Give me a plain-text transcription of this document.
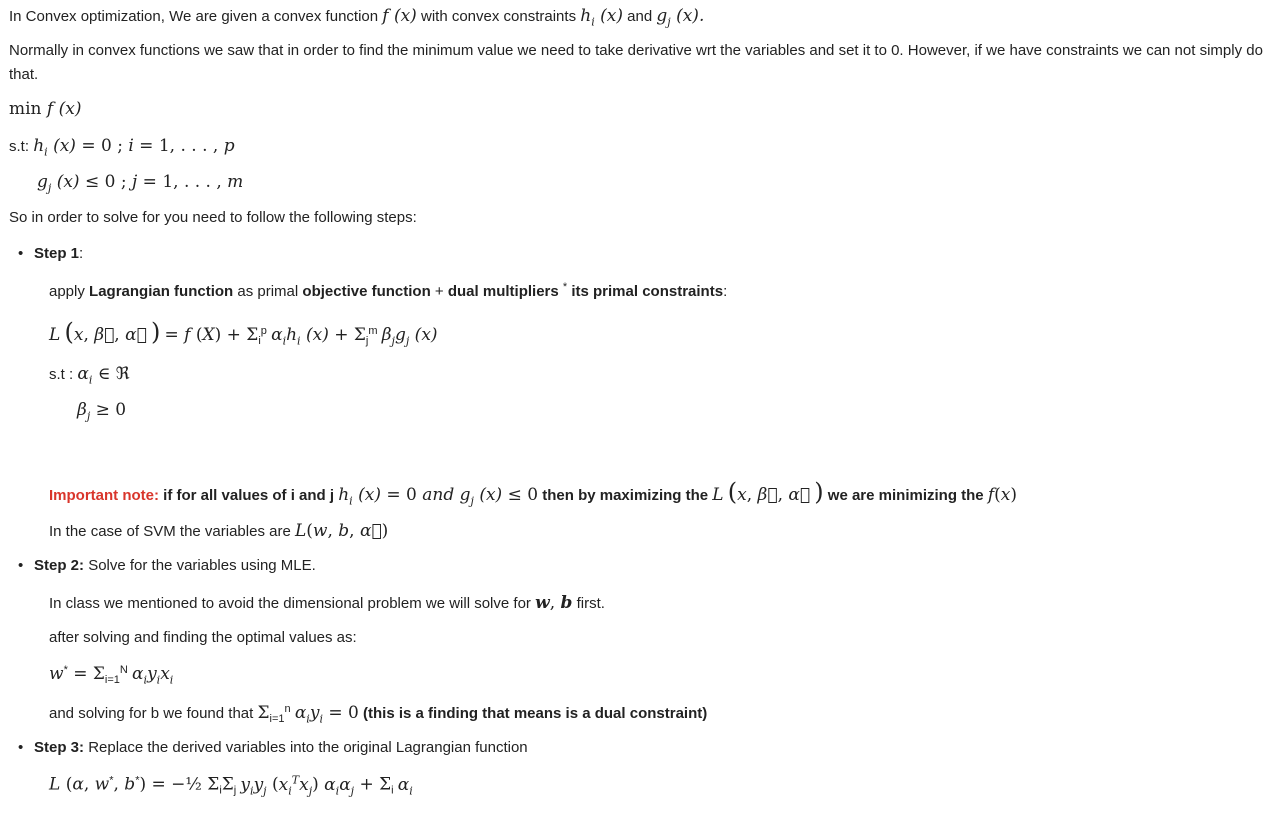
In Convex optimization, We are given a convex function f (x) with convex constraints $h_i$ (x) and $g_j$ (x).
Normally in convex functions we saw that in order to find the minimum value we need to take derivative wrt the variables and set it to 0. However, if we have constraints we can not simply do that.
min f (x)
s.t: $h_i$ (x) = 0 ; i = 1, . . . , p
$g_j$ (x) ≤ 0 ; j = 1, . . . , m
So in order to solve for you need to follow the following steps:
• Step 1:
apply Lagrangian function as primal objective function + dual multipliers * its primal constraints:
L (x, β⃗, α⃗ ) = f $(X) + \Sigma_i^p$ $\alpha_ih_i$ $(x) + \Sigma_j^m$ $\beta_jg_j$ (x)
s.t : $\alpha_i$ ∈ ℜ
$\beta_j \ge 0$
Important note: if for all values of i and j $h_i$ (x) = 0 and $g_j$ (x) ≤ 0 then by maximizing the L (x, β⃗, α⃗ ) we are minimizing the f(x)
In the case of SVM the variables are L(w, b, α⃗)
• Step 2: Solve for the variables using MLE.
In class we mentioned to avoid the dimensional problem we will solve for w, b first.
after solving and finding the optimal values as:
$w^* = \Sigma_{i=1}^N$ $\alpha_iy_ix_i$
and solving for b we found that $\Sigma_{i=1}^n$ $\alpha_iy_i = 0$ (this is a finding that means is a dual constraint)
• Step 3: Replace the derived variables into the original Lagrangian function
L (α, w*, b*) = −½ $\Sigma_i\Sigma_j$ $y_iy_j$ $(x_i^Tx_j) \alpha_i\alpha_j + \Sigma_i$ $\alpha_i$
